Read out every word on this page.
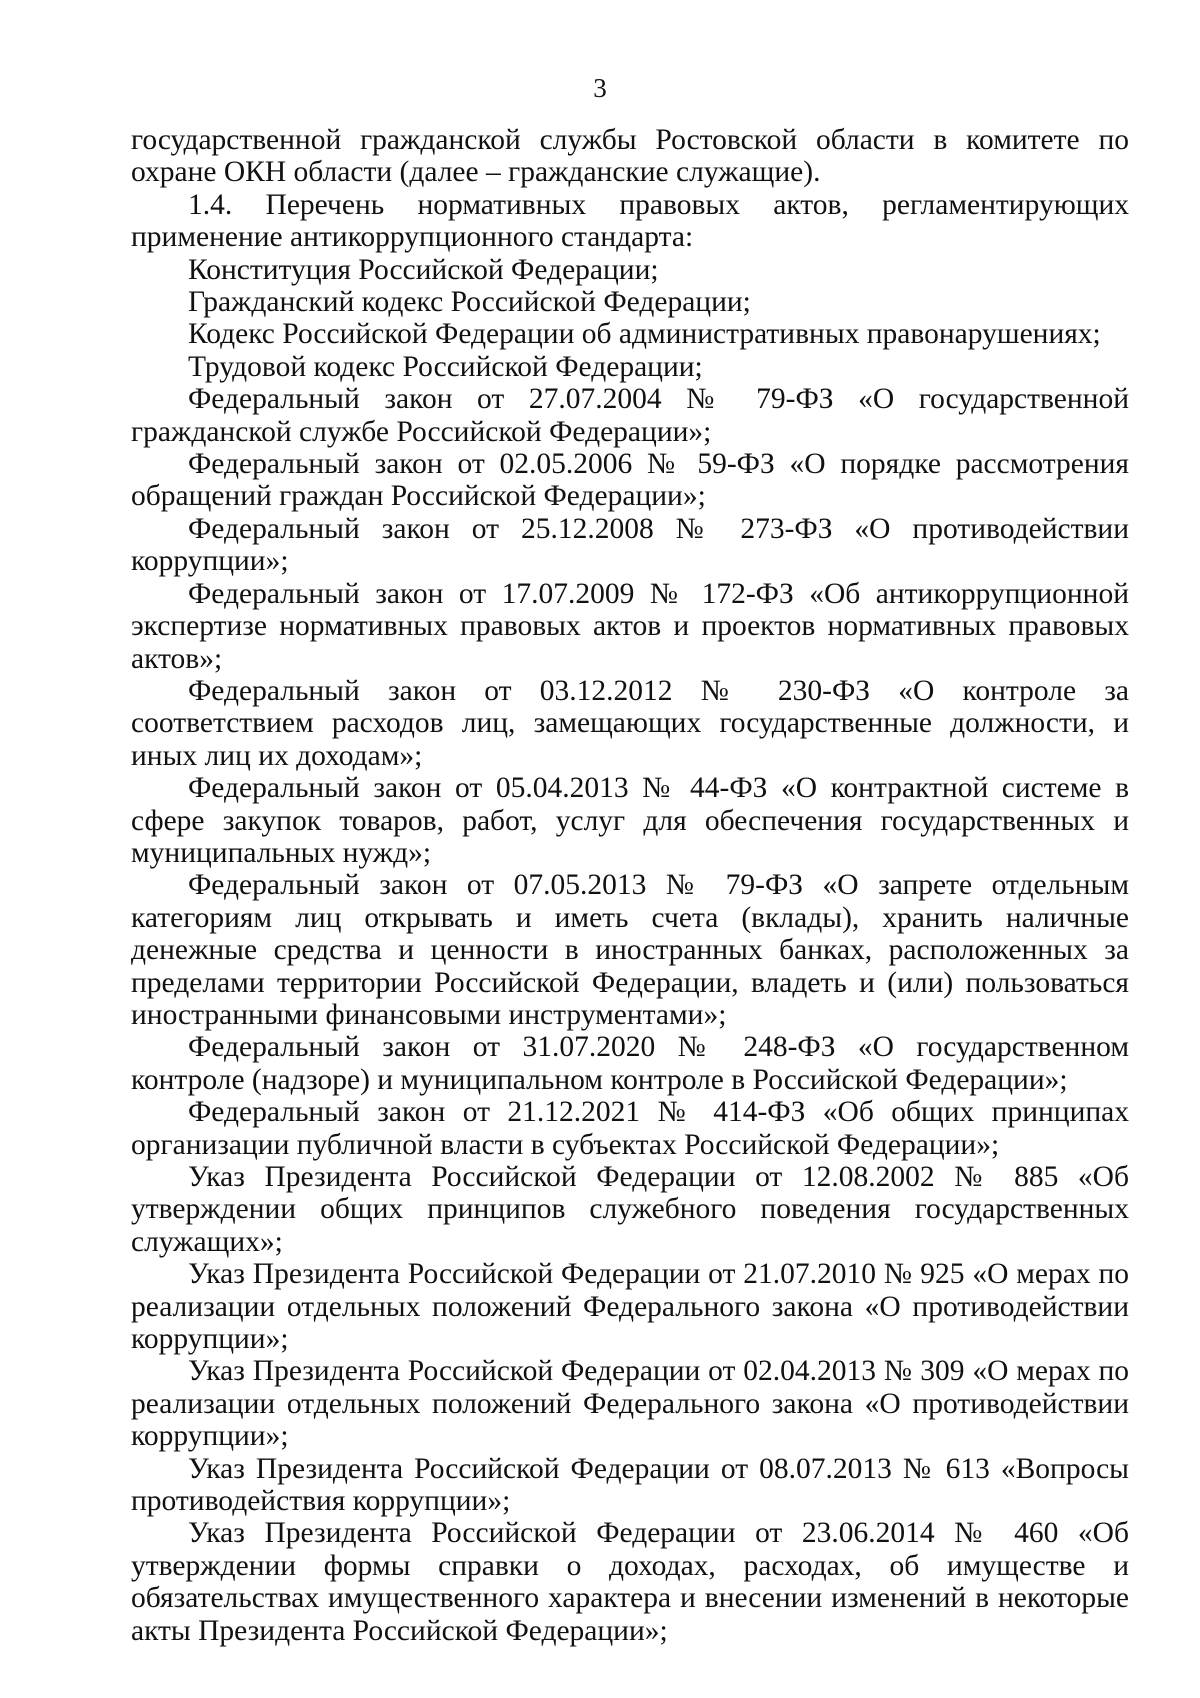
3

государственной гражданской службы Ростовской области в комитете по охране ОКН области (далее – гражданские служащие).

1.4. Перечень нормативных правовых актов, регламентирующих применение антикоррупционного стандарта:

Конституция Российской Федерации;

Гражданский кодекс Российской Федерации;

Кодекс Российской Федерации об административных правонарушениях;

Трудовой кодекс Российской Федерации;

Федеральный закон от 27.07.2004 № 79-ФЗ «О государственной гражданской службе Российской Федерации»;

Федеральный закон от 02.05.2006 № 59-ФЗ «О порядке рассмотрения обращений граждан Российской Федерации»;

Федеральный закон от 25.12.2008 № 273-ФЗ «О противодействии коррупции»;

Федеральный закон от 17.07.2009 № 172-ФЗ «Об антикоррупционной экспертизе нормативных правовых актов и проектов нормативных правовых актов»;

Федеральный закон от 03.12.2012 № 230-ФЗ «О контроле за соответствием расходов лиц, замещающих государственные должности, и иных лиц их доходам»;

Федеральный закон от 05.04.2013 № 44-ФЗ «О контрактной системе в сфере закупок товаров, работ, услуг для обеспечения государственных и муниципальных нужд»;

Федеральный закон от 07.05.2013 № 79-ФЗ «О запрете отдельным категориям лиц открывать и иметь счета (вклады), хранить наличные денежные средства и ценности в иностранных банках, расположенных за пределами территории Российской Федерации, владеть и (или) пользоваться иностранными финансовыми инструментами»;

Федеральный закон от 31.07.2020 № 248-ФЗ «О государственном контроле (надзоре) и муниципальном контроле в Российской Федерации»;

Федеральный закон от 21.12.2021 № 414-ФЗ «Об общих принципах организации публичной власти в субъектах Российской Федерации»;

Указ Президента Российской Федерации от 12.08.2002 № 885 «Об утверждении общих принципов служебного поведения государственных служащих»;

Указ Президента Российской Федерации от 21.07.2010 № 925 «О мерах по реализации отдельных положений Федерального закона «О противодействии коррупции»;

Указ Президента Российской Федерации от 02.04.2013 № 309 «О мерах по реализации отдельных положений Федерального закона «О противодействии коррупции»;

Указ Президента Российской Федерации от 08.07.2013 № 613 «Вопросы противодействия коррупции»;

Указ Президента Российской Федерации от 23.06.2014 № 460 «Об утверждении формы справки о доходах, расходах, об имуществе и обязательствах имущественного характера и внесении изменений в некоторые акты Президента Российской Федерации»;
